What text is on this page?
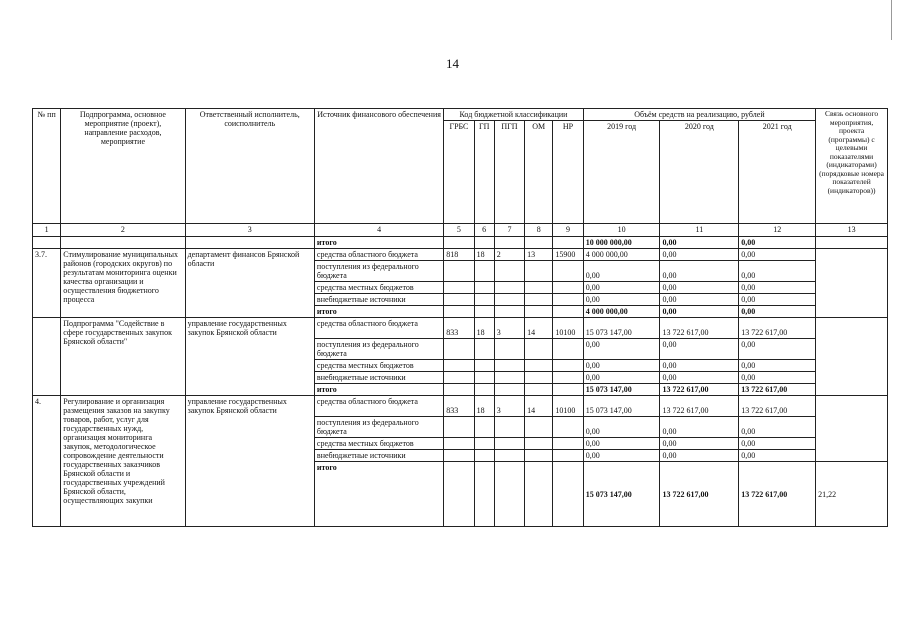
14
№ пп	Подпрограмма, основное мероприятие (проект), направление расходов, мероприятие	Ответственный исполнитель, соисполнитель	Источник финансового обеспечения	Код бюджетной классификации					Объём средств на реализацию, рублей			Связь основного мероприятия, проекта (программы) с целевыми показателями (индикаторами) (порядковые номера показателей (индикаторов))
				ГРБС	ГП	ПГП	ОМ	НР	2019 год	2020 год	2021 год	
1	2	3	4	5	6	7	8	9	10	11	12	13
			итого						10 000 000,00	0,00	0,00	
3.7.	Стимулирование муниципальных районов (городских округов) по результатам мониторинга оценки качества организации и осуществления бюджетного процесса	департамент финансов Брянской области	средства областного бюджета	818	18	2	13	15900	4 000 000,00	0,00	0,00	
			поступления из федерального бюджета						0,00	0,00	0,00	
			средства местных бюджетов						0,00	0,00	0,00	
			внебюджетные источники						0,00	0,00	0,00	
			итого						4 000 000,00	0,00	0,00	
	Подпрограмма "Содействие в сфере государственных закупок Брянской области"	управление государственных закупок Брянской области	средства областного бюджета	833	18	3	14	10100	15 073 147,00	13 722 617,00	13 722 617,00	
			поступления из федерального бюджета						0,00	0,00	0,00	
			средства местных бюджетов						0,00	0,00	0,00	
			внебюджетные источники						0,00	0,00	0,00	
			итого						15 073 147,00	13 722 617,00	13 722 617,00	
4.	Регулирование и организация размещения заказов на закупку товаров, работ, услуг для государственных нужд, организация мониторинга закупок, методологическое сопровождение деятельности государственных заказчиков Брянской области и государственных учреждений Брянской области, осуществляющих закупки	управление государственных закупок Брянской области	средства областного бюджета	833	18	3	14	10100	15 073 147,00	13 722 617,00	13 722 617,00	
			поступления из федерального бюджета						0,00	0,00	0,00	
			средства местных бюджетов						0,00	0,00	0,00	
			внебюджетные источники						0,00	0,00	0,00	
			итого						15 073 147,00	13 722 617,00	13 722 617,00	21,22
